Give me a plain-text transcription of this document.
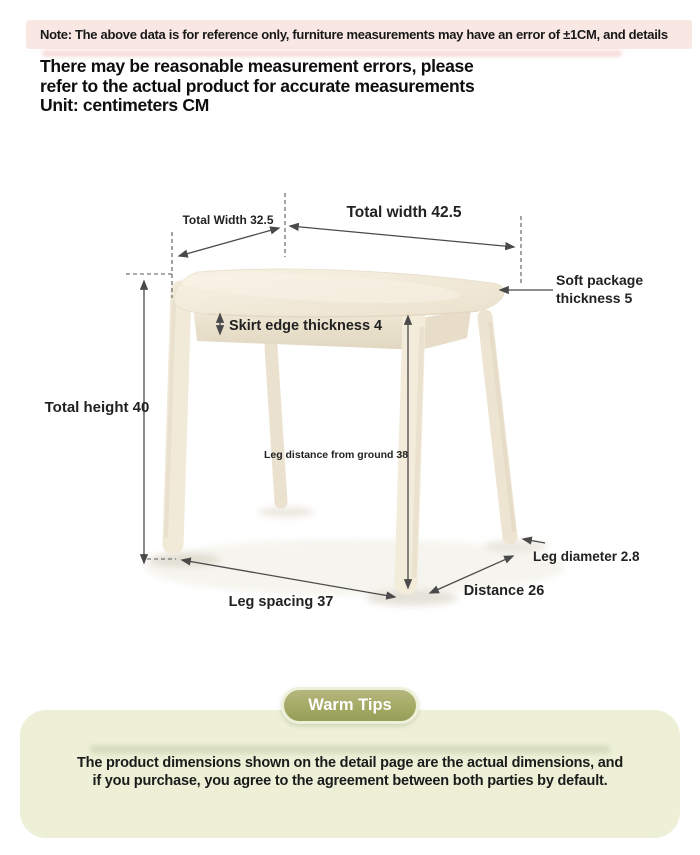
Note: The above data is for reference only, furniture measurements may have an error of ±1CM, and details
There may be reasonable measurement errors, please
refer to the actual product for accurate measurements
Unit: centimeters CM
Total Width 32.5	Total width 42.5
Soft package
thickness 5
Skirt edge thickness 4
Total height 40
Leg distance from ground 38
Leg spacing 37
Distance 26
Leg diameter 2.8
Warm Tips
The product dimensions shown on the detail page are the actual dimensions, and
if you purchase, you agree to the agreement between both parties by default.
